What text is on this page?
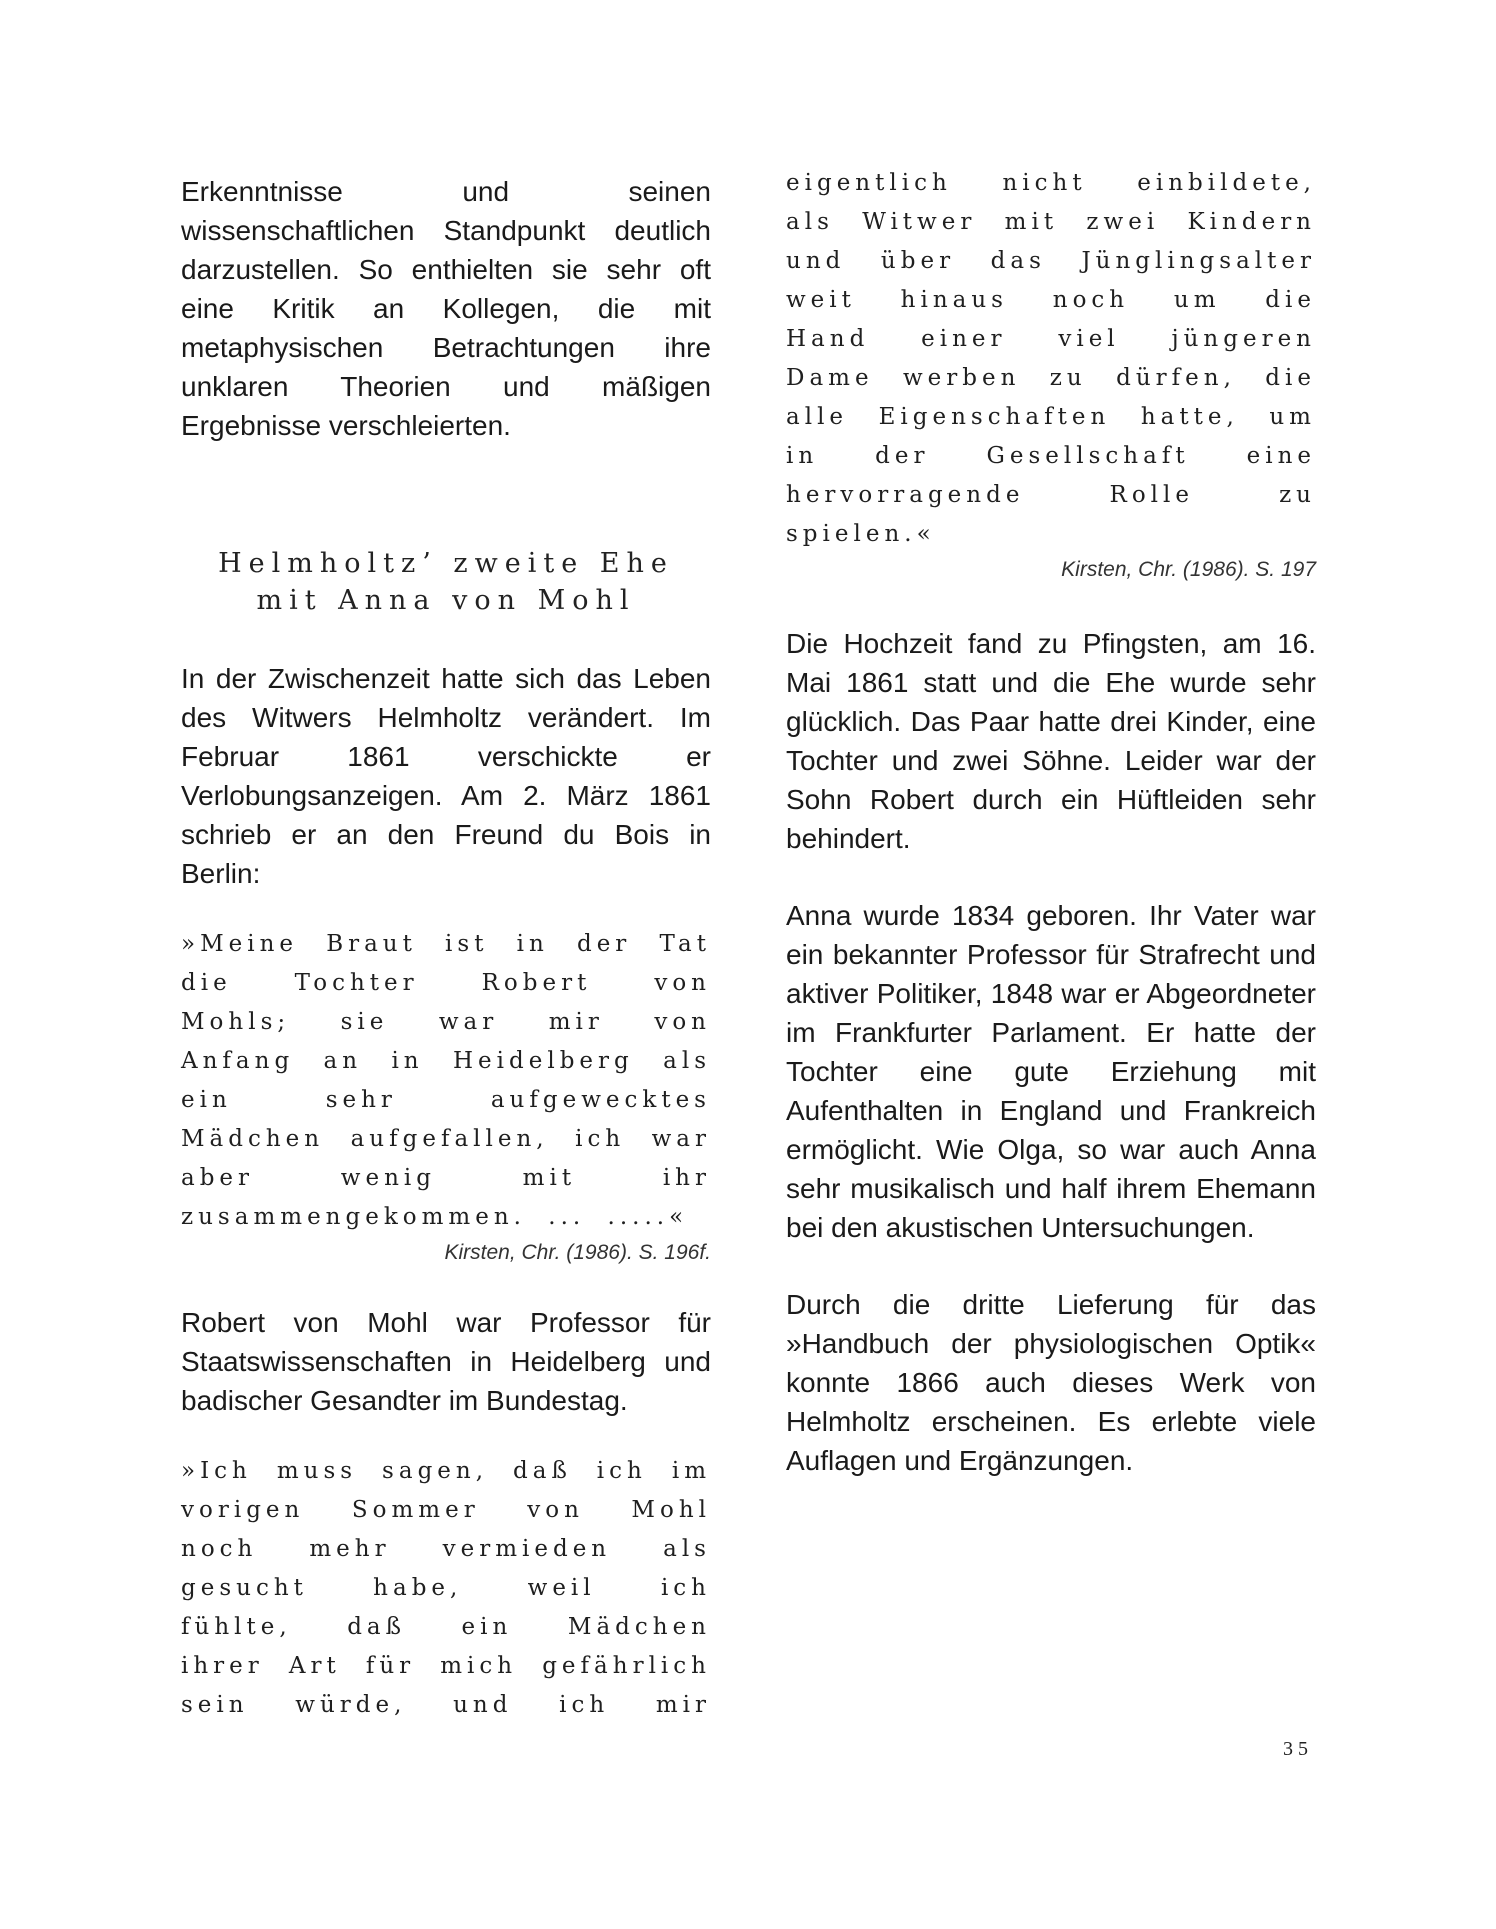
Erkenntnisse und seinen wissenschaftlichen Standpunkt deutlich darzustellen. So enthielten sie sehr oft eine Kritik an Kollegen, die mit metaphysischen Betrachtungen ihre unklaren Theorien und mäßigen Ergebnisse verschleierten.

Helmholtz’ zweite Ehe
mit Anna von Mohl

In der Zwischenzeit hatte sich das Leben des Witwers Helmholtz verändert. Im Februar 1861 verschickte er Verlobungsanzeigen. Am 2. März 1861 schrieb er an den Freund du Bois in Berlin:

»Meine Braut ist in der Tat die Tochter Robert von Mohls; sie war mir von Anfang an in Heidelberg als ein sehr aufgewecktes Mädchen aufgefallen, ich war aber wenig mit ihr zusammengekommen. ... .....«

Kirsten, Chr. (1986). S. 196f.

Robert von Mohl war Professor für Staatswissenschaften in Heidelberg und badischer Gesandter im Bundestag.

»Ich muss sagen, daß ich im vorigen Sommer von Mohl noch mehr vermieden als gesucht habe, weil ich fühlte, daß ein Mädchen ihrer Art für mich gefährlich sein würde, und ich mir

eigentlich nicht einbildete, als Witwer mit zwei Kindern und über das Jünglingsalter weit hinaus noch um die Hand einer viel jüngeren Dame werben zu dürfen, die alle Eigenschaften hatte, um in der Gesellschaft eine hervorragende Rolle zu spielen.«

Kirsten, Chr. (1986). S. 197

Die Hochzeit fand zu Pfingsten, am 16. Mai 1861 statt und die Ehe wurde sehr glücklich. Das Paar hatte drei Kinder, eine Tochter und zwei Söhne. Leider war der Sohn Robert durch ein Hüftleiden sehr behindert.

Anna wurde 1834 geboren. Ihr Vater war ein bekannter Professor für Strafrecht und aktiver Politiker, 1848 war er Abgeordneter im Frankfurter Parlament. Er hatte der Tochter eine gute Erziehung mit Aufenthalten in England und Frankreich ermöglicht. Wie Olga, so war auch Anna sehr musikalisch und half ihrem Ehemann bei den akustischen Untersuchungen.

Durch die dritte Lieferung für das »Handbuch der physiologischen Optik« konnte 1866 auch dieses Werk von Helmholtz erscheinen. Es erlebte viele Auflagen und Ergänzungen.

35
